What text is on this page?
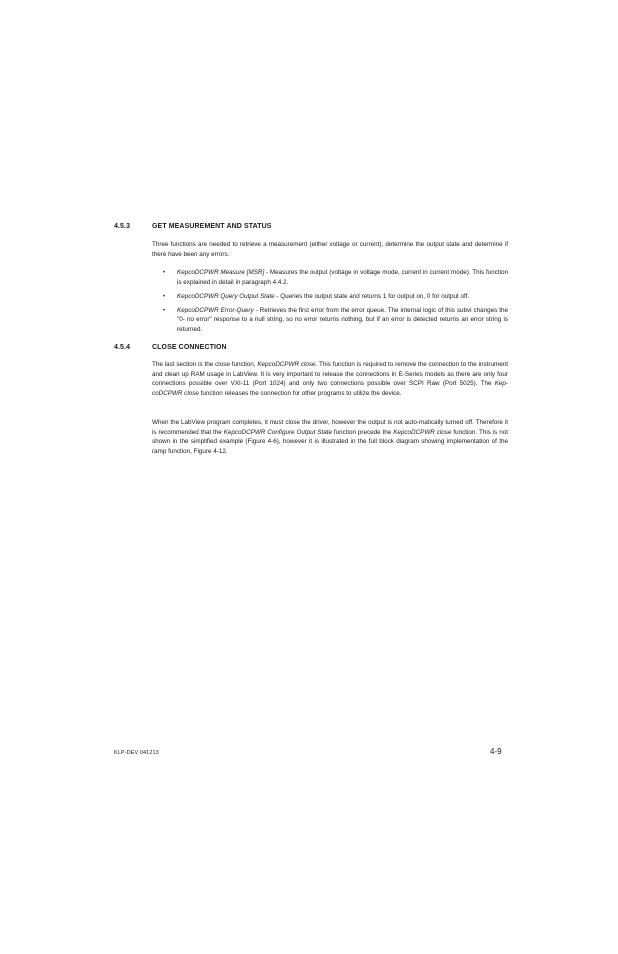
4.5.3	GET MEASUREMENT AND STATUS
Three functions are needed to retrieve a measurement (either voltage or current), determine the output state and determine if there have been any errors.
• KepcoDCPWR Measure [MSR] - Measures the output (voltage in voltage mode, current in current mode). This function is explained in detail in paragraph 4.4.2.
• KepcoDCPWR Query Output State - Queries the output state and returns 1 for output on, 0 for output off.
• KepcoDCPWR Error-Query - Retrieves the first error from the error queue. The internal logic of this subvi changes the "0- no error" response to a null string, so no error returns nothing, but if an error is detected returns an error string is returned.
4.5.4	CLOSE CONNECTION
The last section is the close function, KepcoDCPWR close. This function is required to remove the connection to the instrument and clean up RAM usage in LabView. It is very important to release the connections in E-Series models as there are only four connections possible over VXI-11 (Port 1024) and only two connections possible over SCPI Raw (Port 5025). The Kep-coDCPWR close function releases the connection for other programs to utilize the device.
When the LabView program completes, it must close the driver, however the output is not auto-matically turned off. Therefore it is recommended that the KepcoDCPWR Configure Output State function precede the KepcoDCPWR close function. This is not shown in the simplified example (Figure 4-6), however it is illustrated in the full block diagram showing implementation of the ramp function, Figure 4-12.
KLP-DEV 041213	4-9
